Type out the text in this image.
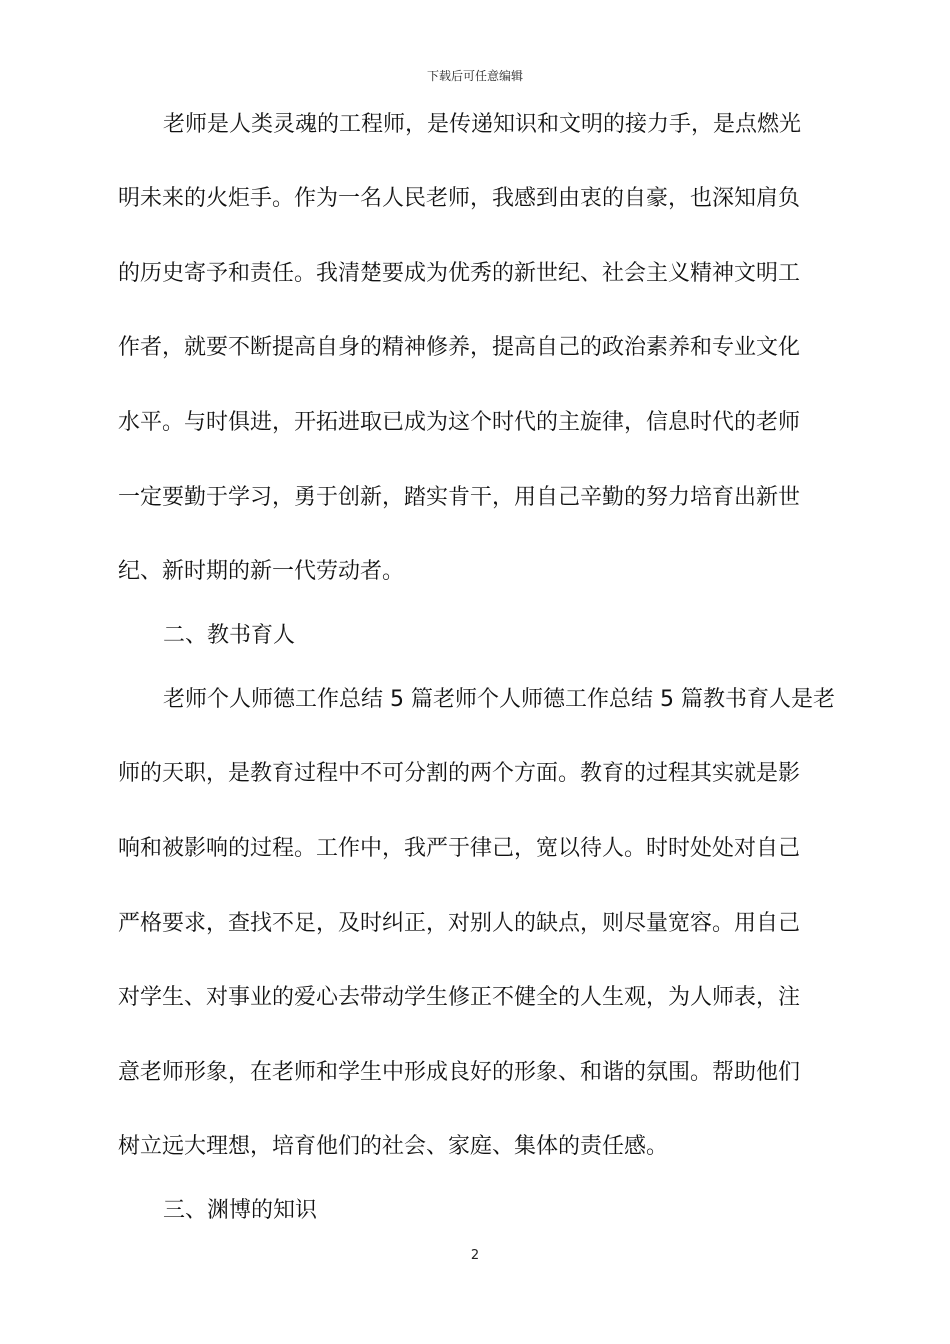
下载后可任意编辑
老师是人类灵魂的工程师，是传递知识和文明的接力手，是点燃光
明未来的火炬手。作为一名人民老师，我感到由衷的自豪，也深知肩负
的历史寄予和责任。我清楚要成为优秀的新世纪、社会主义精神文明工
作者，就要不断提高自身的精神修养，提高自己的政治素养和专业文化
水平。与时俱进，开拓进取已成为这个时代的主旋律，信息时代的老师
一定要勤于学习，勇于创新，踏实肯干，用自己辛勤的努力培育出新世
纪、新时期的新一代劳动者。
二、教书育人
老师个人师德工作总结 5 篇老师个人师德工作总结 5 篇教书育人是老
师的天职，是教育过程中不可分割的两个方面。教育的过程其实就是影
响和被影响的过程。工作中，我严于律己，宽以待人。时时处处对自己
严格要求，查找不足，及时纠正，对别人的缺点，则尽量宽容。用自己
对学生、对事业的爱心去带动学生修正不健全的人生观，为人师表，注
意老师形象，在老师和学生中形成良好的形象、和谐的氛围。帮助他们
树立远大理想，培育他们的社会、家庭、集体的责任感。
三、渊博的知识
2
